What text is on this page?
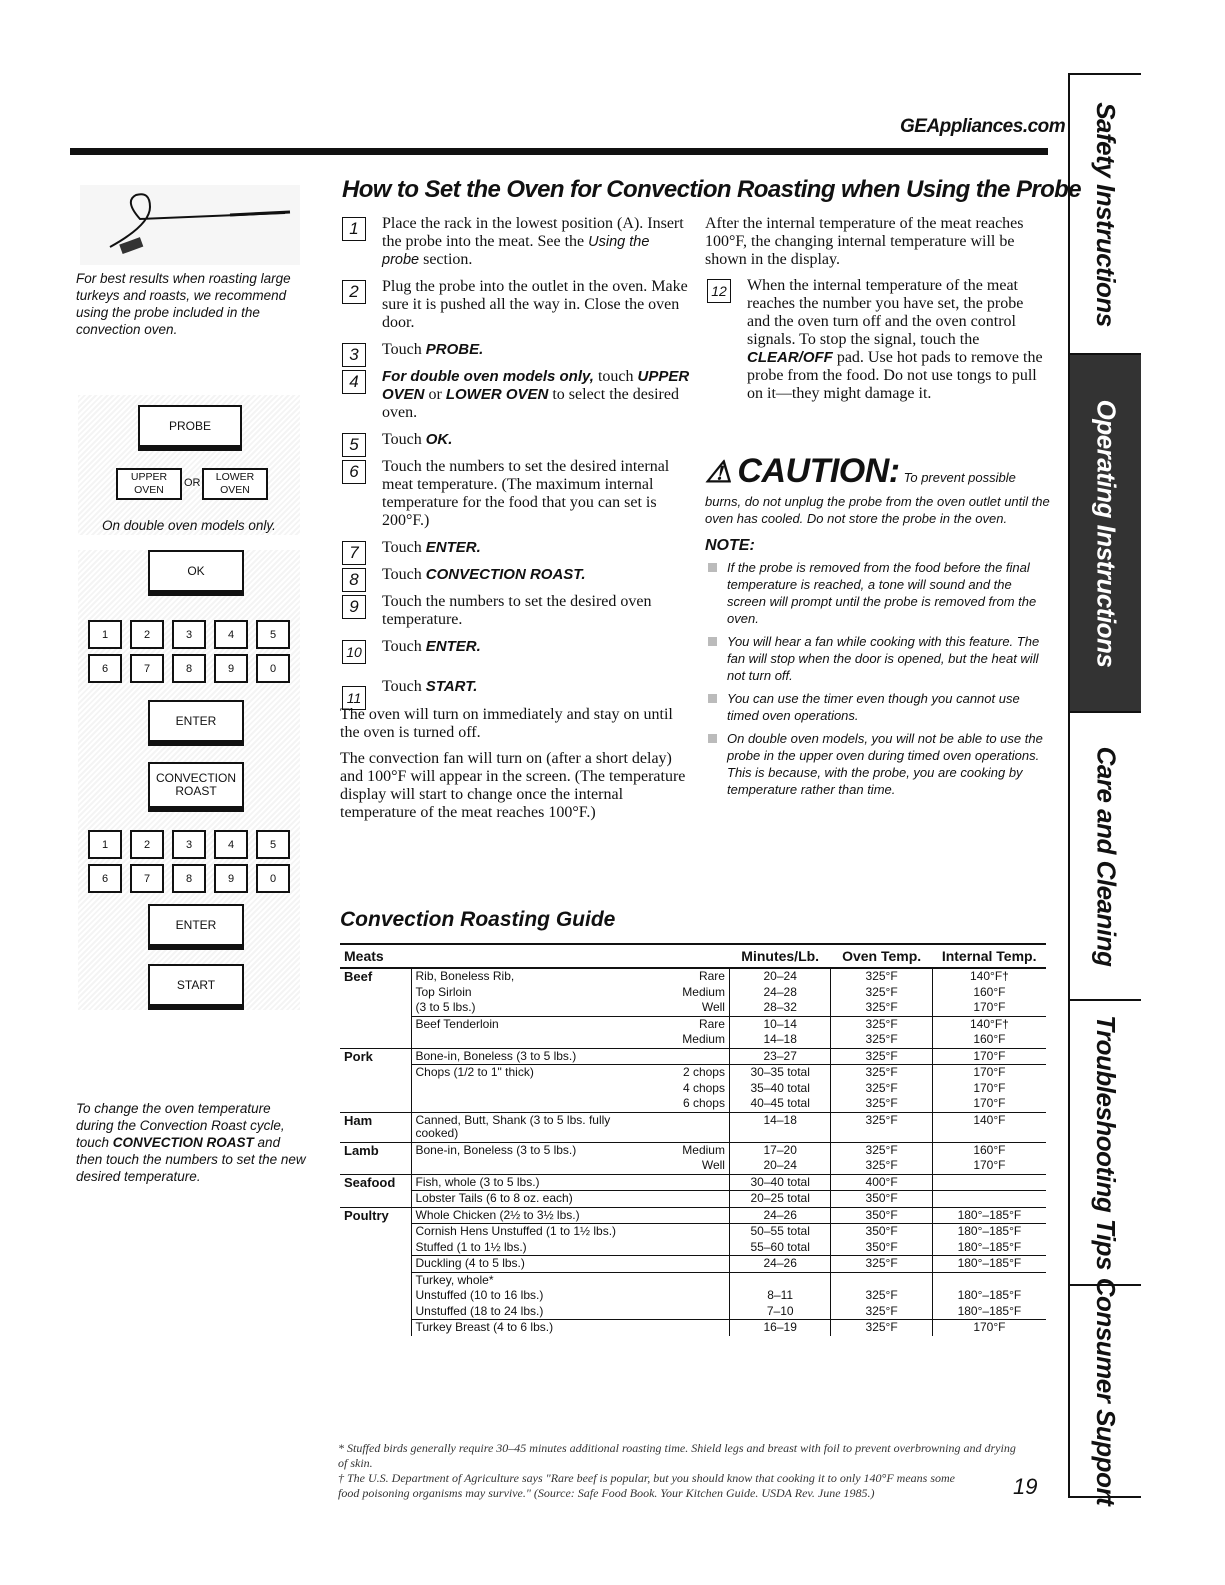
GEAppliances.com
How to Set the Oven for Convection Roasting when Using the Probe Safety Instructions
Operating Instructions
Care and Cleaning
Troubleshooting Tips
Consumer Support
For best results when roasting large turkeys and roasts, we recommend using the probe included in the convection oven.
PROBE
UPPER OVEN
OR	LOWER OVEN
On double oven models only.
OK
1	2	3	4	5
6	7	8	9	0
ENTER
CONVECTION ROAST
1	2	3	4	5
6	7	8	9	0
ENTER
START
To change the oven temperature during the Convection Roast cycle, touch CONVECTION ROAST and then touch the numbers to set the new desired temperature.
1	Place the rack in the lowest position (A). Insert the probe into the meat. See the Using the probe section.
2	Plug the probe into the outlet in the oven. Make sure it is pushed all the way in. Close the oven door.
3	Touch PROBE.
4	For double oven models only, touch UPPER OVEN or LOWER OVEN to select the desired oven.
5	Touch OK.
6	Touch the numbers to set the desired internal meat temperature. (The maximum internal temperature for the food that you can set is 200°F.)
7	Touch ENTER.
8	Touch CONVECTION ROAST.
9	Touch the numbers to set the desired oven temperature.
10 Touch ENTER.
11
Touch START.
The oven will turn on immediately and stay on until the oven is turned off.
The convection fan will turn on (after a short delay) and 100°F will appear in the screen. (The temperature display will start to change once the internal temperature of the meat reaches 100°F.)
After the internal temperature of the meat reaches 100°F, the changing internal temperature will be shown in the display.
12 When the internal temperature of the meat reaches the number you have set, the probe and the oven turn off and the oven control signals. To stop the signal, touch the CLEAR/OFF pad. Use hot pads to remove the probe from the food. Do not use tongs to pull on it—they might damage it.
⚠ CAUTION: To prevent possible
burns, do not unplug the probe from the oven outlet until the oven has cooled. Do not store the probe in the oven.
NOTE:
If the probe is removed from the food before the final temperature is reached, a tone will sound and the screen will prompt until the probe is removed from the oven.
You will hear a fan while cooking with this feature. The fan will stop when the door is opened, but the heat will not turn off.
You can use the timer even though you cannot use timed oven operations.
On double oven models, you will not be able to use the probe in the upper oven during timed oven operations. This is because, with the probe, you are cooking by temperature rather than time.
Convection Roasting Guide
Meats			Minutes/Lb.	Oven Temp.	Internal Temp.
Beef	Rib, Boneless Rib,	Rare	20–24	325°F	140°F†
	Top Sirloin	Medium	24–28	325°F	160°F
	(3 to 5 lbs.)	Well	28–32	325°F	170°F
	Beef Tenderloin	Rare	10–14	325°F	140°F†
		Medium	14–18	325°F	160°F
Pork	Bone-in, Boneless (3 to 5 lbs.)		23–27	325°F	170°F
	Chops (1/2 to 1" thick)	2 chops	30–35 total	325°F	170°F
		4 chops	35–40 total	325°F	170°F
		6 chops	40–45 total	325°F	170°F
Ham	Canned, Butt, Shank (3 to 5 lbs. fully cooked)		14–18	325°F	140°F
Lamb	Bone-in, Boneless (3 to 5 lbs.)	Medium	17–20	325°F	160°F
		Well	20–24	325°F	170°F
Seafood	Fish, whole (3 to 5 lbs.)		30–40 total	400°F	
	Lobster Tails (6 to 8 oz. each)		20–25 total	350°F	
Poultry	Whole Chicken (2½ to 3½ lbs.)		24–26	350°F	180°–185°F
	Cornish Hens Unstuffed (1 to 1½ lbs.)		50–55 total	350°F	180°–185°F
	Stuffed (1 to 1½ lbs.)		55–60 total	350°F	180°–185°F
	Duckling (4 to 5 lbs.)		24–26	325°F	180°–185°F
	Turkey, whole*				
	Unstuffed (10 to 16 lbs.)		8–11	325°F	180°–185°F
	Unstuffed (18 to 24 lbs.)		7–10	325°F	180°–185°F
	Turkey Breast (4 to 6 lbs.)		16–19	325°F	170°F
* Stuffed birds generally require 30–45 minutes additional roasting time. Shield legs and breast with foil to prevent overbrowning and drying of skin.
† The U.S. Department of Agriculture says "Rare beef is popular, but you should know that cooking it to only 140°F means some food poisoning organisms may survive." (Source: Safe Food Book. Your Kitchen Guide. USDA Rev. June 1985.)	19
